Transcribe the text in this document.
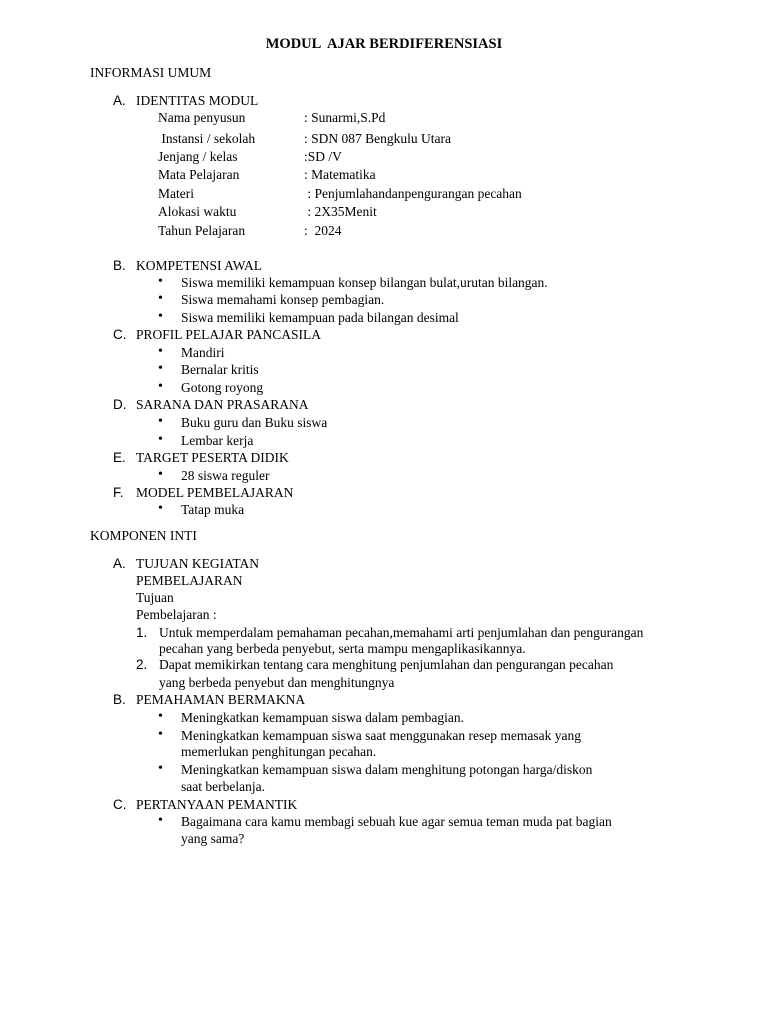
MODUL  AJAR BERDIFERENSIASI
INFORMASI UMUM
A. IDENTITAS MODUL
Nama penyusun	: Sunarmi,S.Pd
Instansi / sekolah	: SDN 087 Bengkulu Utara
Jenjang / kelas	:SD /V
Mata Pelajaran	: Matematika
Materi	: Penjumlahandanpengurangan pecahan
Alokasi waktu	: 2X35Menit
Tahun Pelajaran	:  2024
B. KOMPETENSI AWAL
• Siswa memiliki kemampuan konsep bilangan bulat,urutan bilangan.
• Siswa memahami konsep pembagian.
• Siswa memiliki kemampuan pada bilangan desimal
C. PROFIL PELAJAR PANCASILA
• Mandiri
• Bernalar kritis
• Gotong royong
D. SARANA DAN PRASARANA
• Buku guru dan Buku siswa
• Lembar kerja
E. TARGET PESERTA DIDIK
• 28 siswa reguler
F. MODEL PEMBELAJARAN
• Tatap muka
KOMPONEN INTI
A. TUJUAN KEGIATAN
PEMBELAJARAN
Tujuan
Pembelajaran :
1. Untuk memperdalam pemahaman pecahan,memahami arti penjumlahan dan pengurangan
pecahan yang berbeda penyebut, serta mampu mengaplikasikannya.
2. Dapat memikirkan tentang cara menghitung penjumlahan dan pengurangan pecahan
yang berbeda penyebut dan menghitungnya
B. PEMAHAMAN BERMAKNA
• Meningkatkan kemampuan siswa dalam pembagian.
• Meningkatkan kemampuan siswa saat menggunakan resep memasak yang
memerlukan penghitungan pecahan.
• Meningkatkan kemampuan siswa dalam menghitung potongan harga/diskon
saat berbelanja.
C. PERTANYAAN PEMANTIK
• Bagaimana cara kamu membagi sebuah kue agar semua teman muda pat bagian
yang sama?
